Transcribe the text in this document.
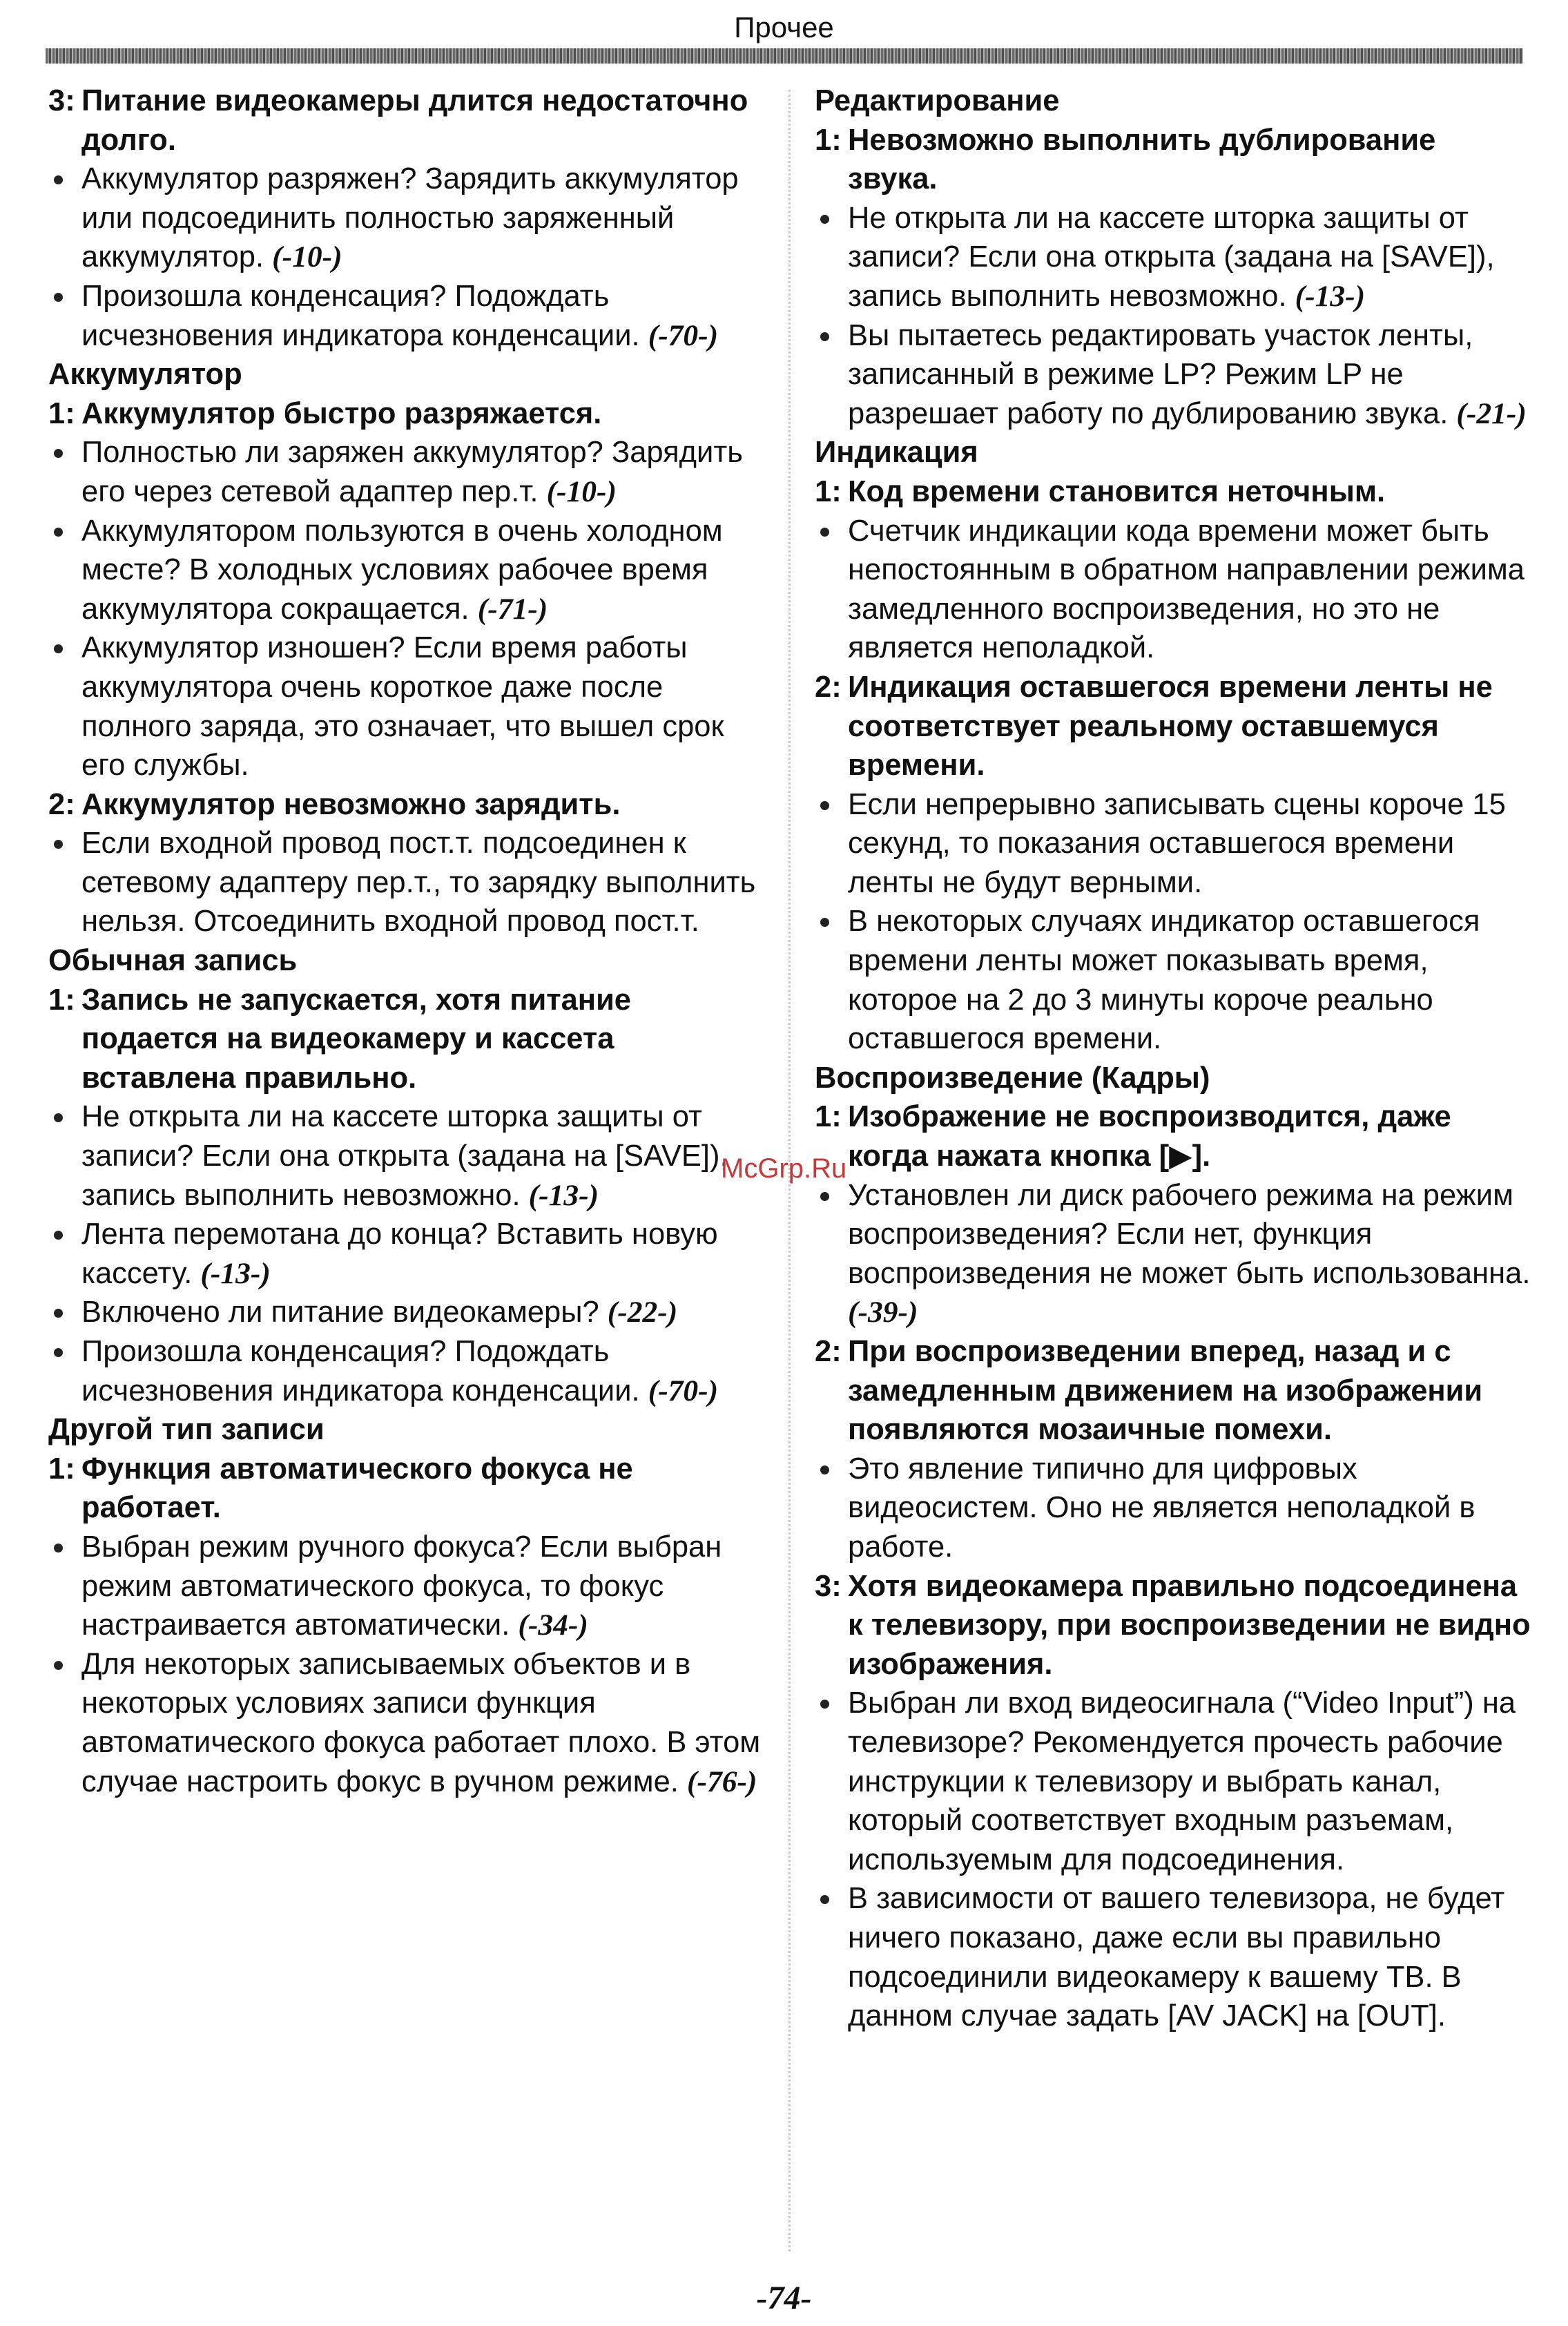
Прочее
3: Питание видеокамеры длится недостаточно долго.
Аккумулятор разряжен? Зарядить аккумулятор или подсоединить полностью заряженный аккумулятор. (-10-)
Произошла конденсация? Подождать исчезновения индикатора конденсации. (-70-)
Аккумулятор
1: Аккумулятор быстро разряжается.
Полностью ли заряжен аккумулятор? Зарядить его через сетевой адаптер пер.т. (-10-)
Аккумулятором пользуются в очень холодном месте? В холодных условиях рабочее время аккумулятора сокращается. (-71-)
Аккумулятор изношен? Если время работы аккумулятора очень короткое даже после полного заряда, это означает, что вышел срок его службы.
2: Аккумулятор невозможно зарядить.
Если входной провод пост.т. подсоединен к сетевому адаптеру пер.т., то зарядку выполнить нельзя. Отсоединить входной провод пост.т.
Обычная запись
1: Запись не запускается, хотя питание подается на видеокамеру и кассета вставлена правильно.
Не открыта ли на кассете шторка защиты от записи? Если она открыта (задана на [SAVE]), запись выполнить невозможно. (-13-)
Лента перемотана до конца? Вставить новую кассету. (-13-)
Включено ли питание видеокамеры? (-22-)
Произошла конденсация? Подождать исчезновения индикатора конденсации. (-70-)
Другой тип записи
1: Функция автоматического фокуса не работает.
Выбран режим ручного фокуса? Если выбран режим автоматического фокуса, то фокус настраивается автоматически. (-34-)
Для некоторых записываемых объектов и в некоторых условиях записи функция автоматического фокуса работает плохо. В этом случае настроить фокус в ручном режиме. (-76-)
Редактирование
1: Невозможно выполнить дублирование звука.
Не открыта ли на кассете шторка защиты от записи? Если она открыта (задана на [SAVE]), запись выполнить невозможно. (-13-)
Вы пытаетесь редактировать участок ленты, записанный в режиме LP? Режим LP не разрешает работу по дублированию звука. (-21-)
Индикация
1: Код времени становится неточным.
Счетчик индикации кода времени может быть непостоянным в обратном направлении режима замедленного воспроизведения, но это не является неполадкой.
2: Индикация оставшегося времени ленты не соответствует реальному оставшемуся времени.
Если непрерывно записывать сцены короче 15 секунд, то показания оставшегося времени ленты не будут верными.
В некоторых случаях индикатор оставшегося времени ленты может показывать время, которое на 2 до 3 минуты короче реально оставшегося времени.
Воспроизведение (Кадры)
1: Изображение не воспроизводится, даже когда нажата кнопка [▶].
Установлен ли диск рабочего режима на режим воспроизведения? Если нет, функция воспроизведения не может быть использованна. (-39-)
2: При воспроизведении вперед, назад и с замедленным движением на изображении появляются мозаичные помехи.
Это явление типично для цифровых видеосистем. Оно не является неполадкой в работе.
3: Хотя видеокамера правильно подсоединена к телевизору, при воспроизведении не видно изображения.
Выбран ли вход видеосигнала (“Video Input”) на телевизоре? Рекомендуется прочесть рабочие инструкции к телевизору и выбрать канал, который соответствует входным разъемам, используемым для подсоединения.
В зависимости от вашего телевизора, не будет ничего показано, даже если вы правильно подсоединили видеокамеру к вашему ТВ. В данном случае задать [AV JACK] на [OUT].
McGrp.Ru
-74-
